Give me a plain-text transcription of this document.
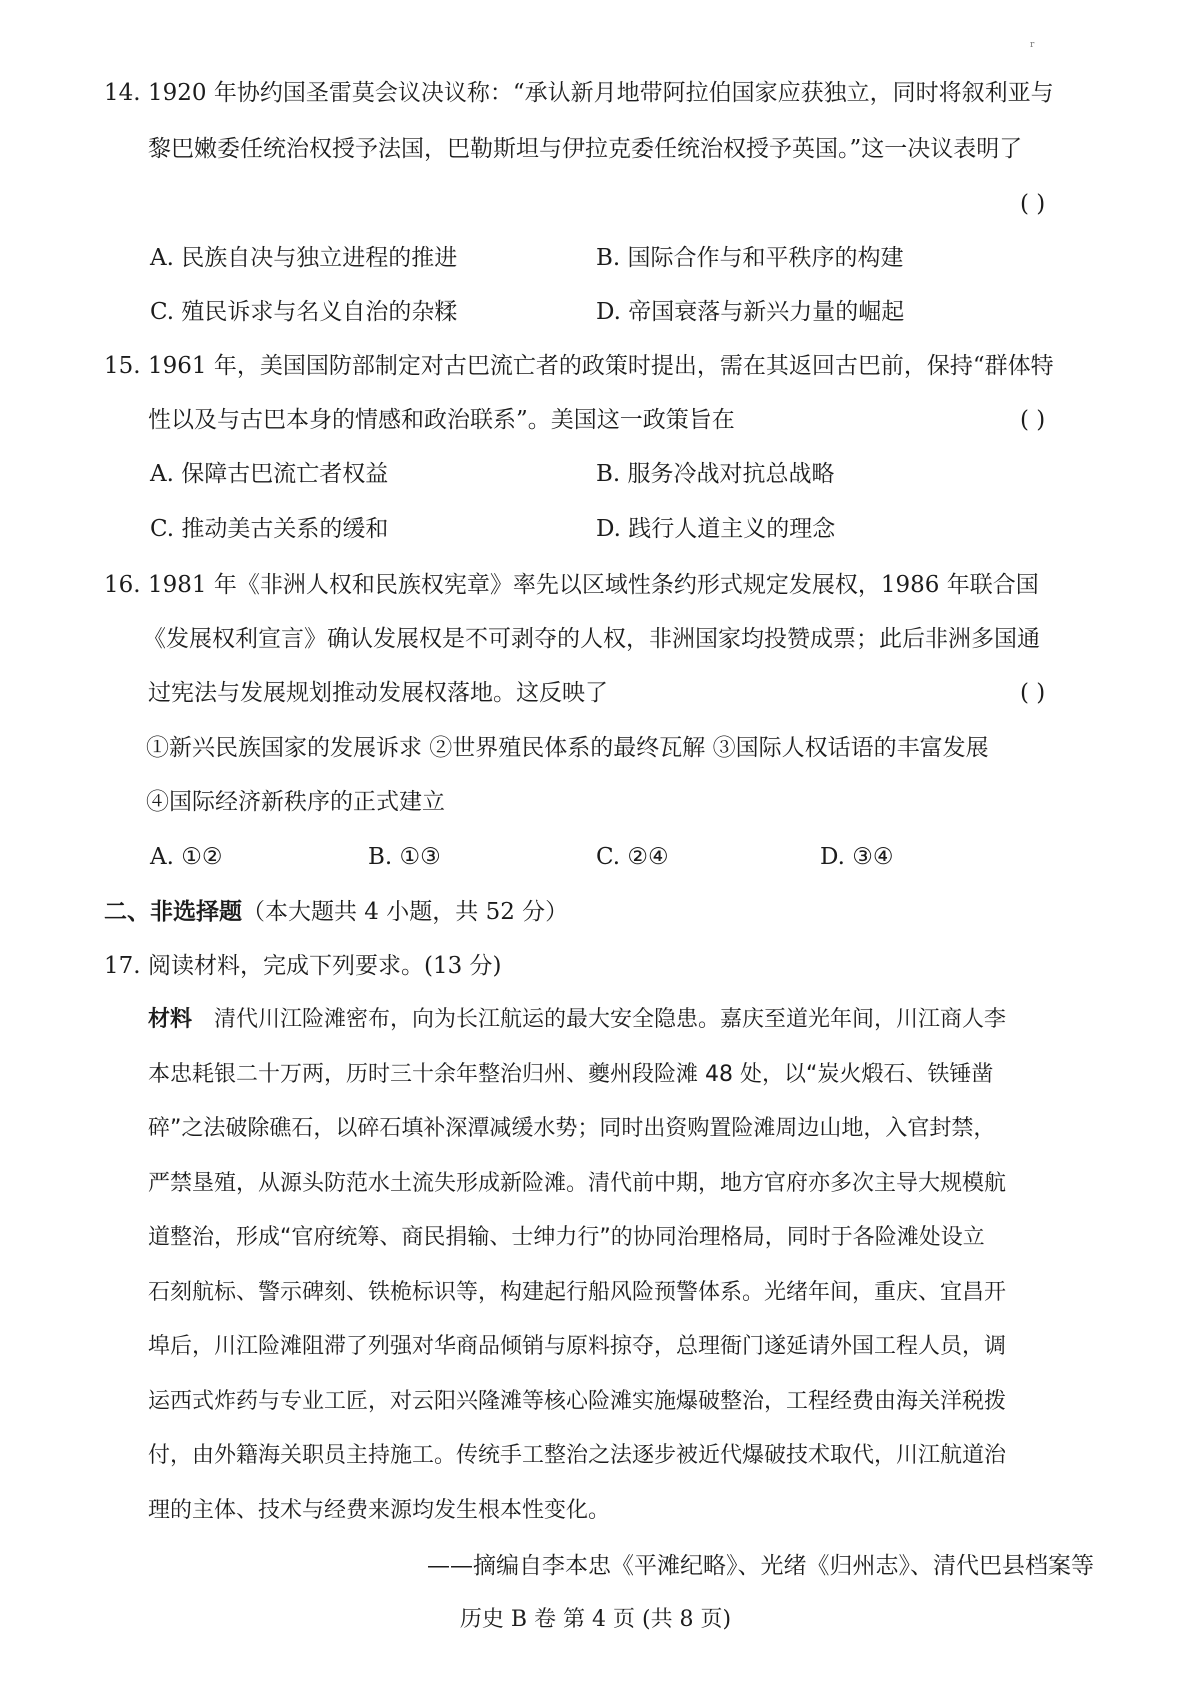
r
14. 1920 年协约国圣雷莫会议决议称：“承认新月地带阿拉伯国家应获独立，同时将叙利亚与
黎巴嫩委任统治权授予法国，巴勒斯坦与伊拉克委任统治权授予英国。”这一决议表明了
( )
A. 民族自决与独立进程的推进	B. 国际合作与和平秩序的构建
C. 殖民诉求与名义自治的杂糅	D. 帝国衰落与新兴力量的崛起
15. 1961 年，美国国防部制定对古巴流亡者的政策时提出，需在其返回古巴前，保持“群体特
性以及与古巴本身的情感和政治联系”。美国这一政策旨在	( )
A. 保障古巴流亡者权益	B. 服务冷战对抗总战略
C. 推动美古关系的缓和	D. 践行人道主义的理念
16. 1981 年《非洲人权和民族权宪章》率先以区域性条约形式规定发展权，1986 年联合国
《发展权利宣言》确认发展权是不可剥夺的人权，非洲国家均投赞成票；此后非洲多国通
过宪法与发展规划推动发展权落地。这反映了	( )
①新兴民族国家的发展诉求 ②世界殖民体系的最终瓦解 ③国际人权话语的丰富发展
④国际经济新秩序的正式建立
A. ①②	B. ①③	C. ②④	D. ③④
二、非选择题（本大题共 4 小题，共 52 分）
17. 阅读材料，完成下列要求。(13 分)
材料 清代川江险滩密布，向为长江航运的最大安全隐患。嘉庆至道光年间，川江商人李
本忠耗银二十万两，历时三十余年整治归州、夔州段险滩 48 处，以“炭火煅石、铁锤凿
碎”之法破除礁石，以碎石填补深潭减缓水势；同时出资购置险滩周边山地，入官封禁，
严禁垦殖，从源头防范水土流失形成新险滩。清代前中期，地方官府亦多次主导大规模航
道整治，形成“官府统筹、商民捐输、士绅力行”的协同治理格局，同时于各险滩处设立
石刻航标、警示碑刻、铁桅标识等，构建起行船风险预警体系。光绪年间，重庆、宜昌开
埠后，川江险滩阻滞了列强对华商品倾销与原料掠夺，总理衙门遂延请外国工程人员，调
运西式炸药与专业工匠，对云阳兴隆滩等核心险滩实施爆破整治，工程经费由海关洋税拨
付，由外籍海关职员主持施工。传统手工整治之法逐步被近代爆破技术取代，川江航道治
理的主体、技术与经费来源均发生根本性变化。
——摘编自李本忠《平滩纪略》、光绪《归州志》、清代巴县档案等
历史 B 卷 第 4 页 (共 8 页)
